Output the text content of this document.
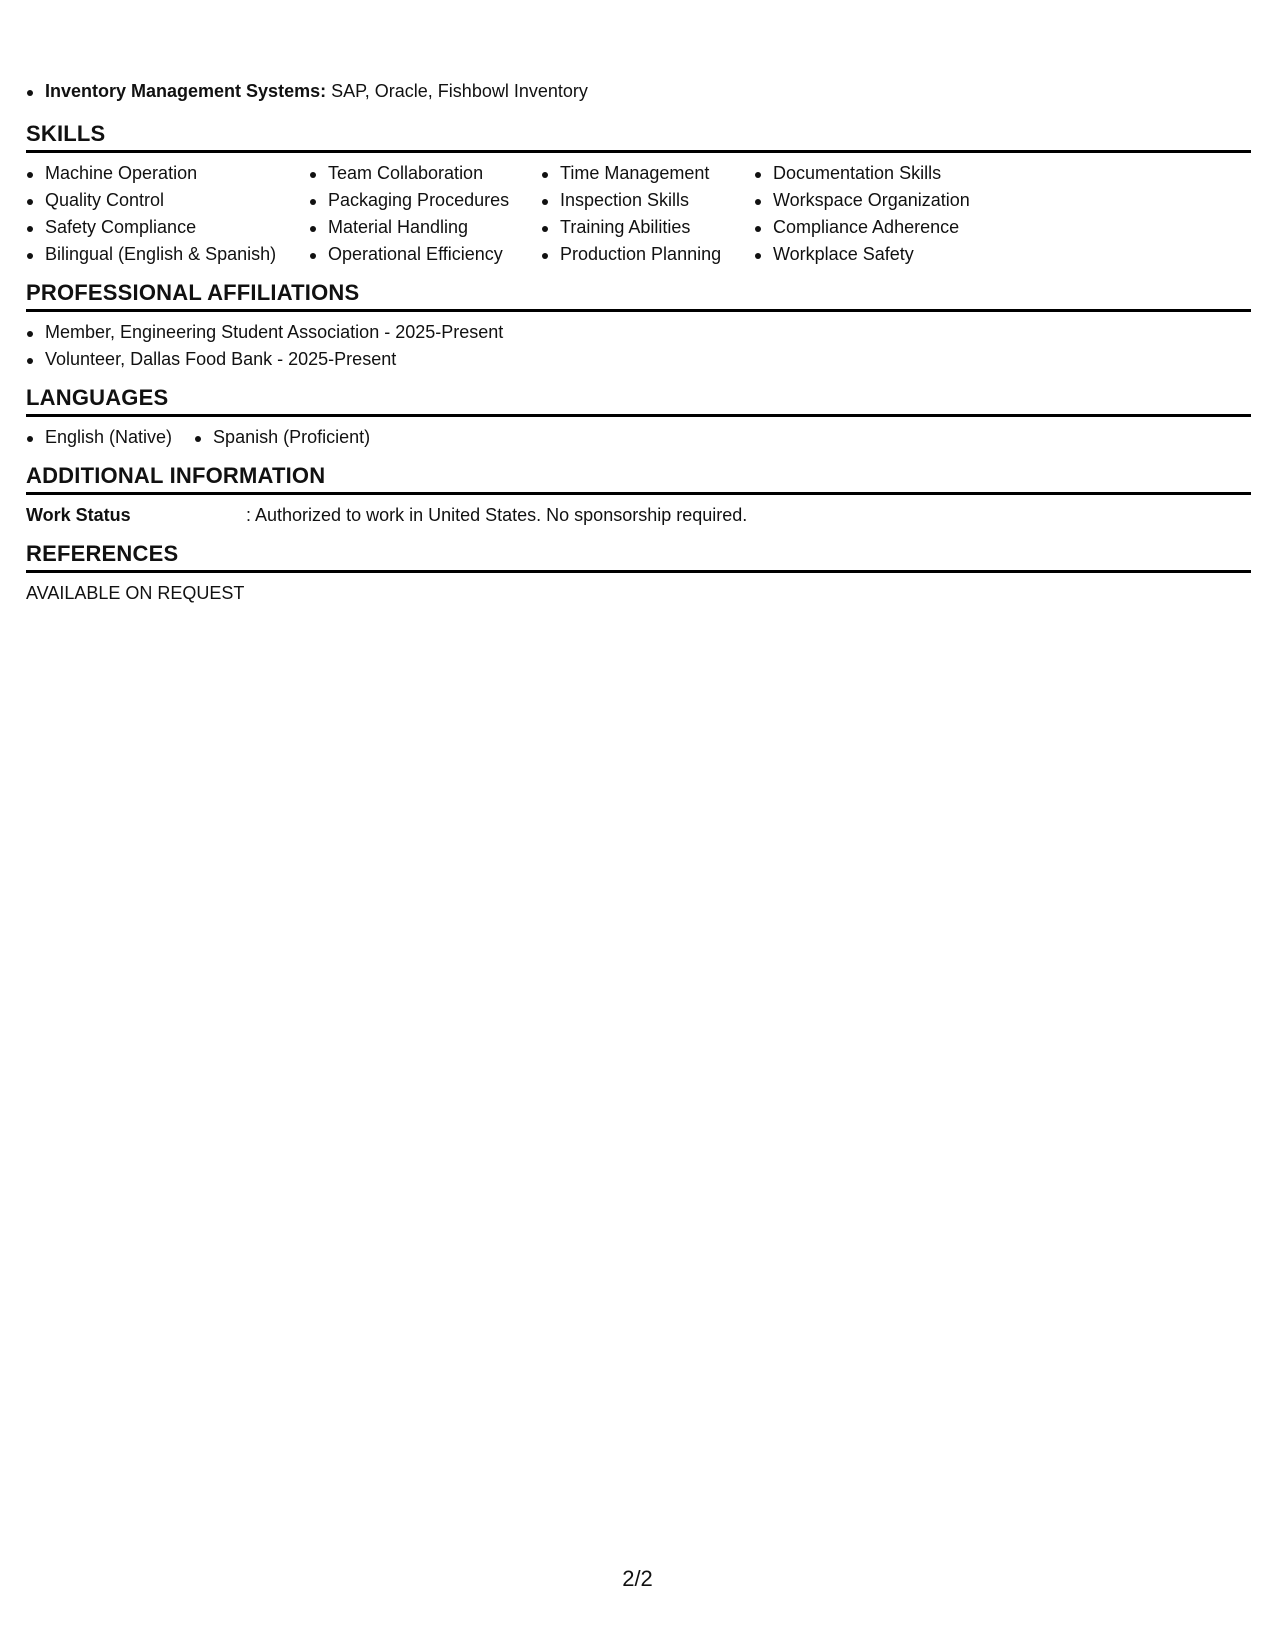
Inventory Management Systems: SAP, Oracle, Fishbowl Inventory
SKILLS
Machine Operation
Quality Control
Safety Compliance
Bilingual (English & Spanish)
Team Collaboration
Packaging Procedures
Material Handling
Operational Efficiency
Time Management
Inspection Skills
Training Abilities
Production Planning
Documentation Skills
Workspace Organization
Compliance Adherence
Workplace Safety
PROFESSIONAL AFFILIATIONS
Member, Engineering Student Association - 2025-Present
Volunteer, Dallas Food Bank - 2025-Present
LANGUAGES
English (Native)	Spanish (Proficient)
ADDITIONAL INFORMATION
Work Status	: Authorized to work in United States. No sponsorship required.
REFERENCES
AVAILABLE ON REQUEST
2/2
